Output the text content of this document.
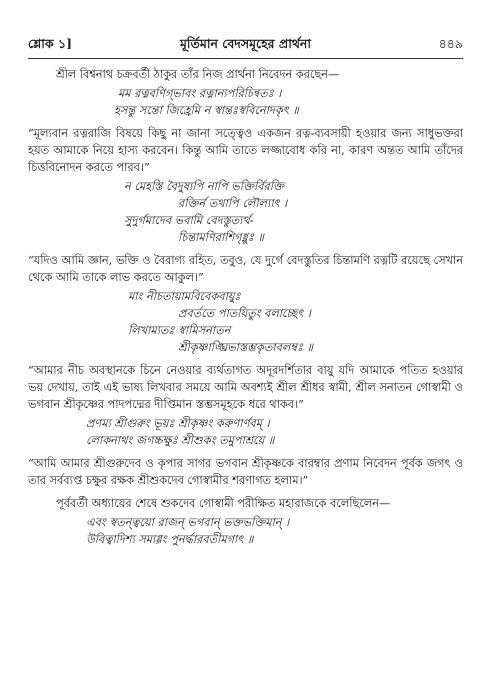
শ্লোক ১]	মূর্তিমান বেদসমূহের প্রার্থনা	৪৪৯

শ্রীল বিশ্বনাথ চক্রবর্তী ঠাকুর তাঁর নিজ প্রার্থনা নিবেদন করছেন—

মম রত্নবণিগ্ভাবং রত্নান্যপরিচিন্বতঃ ।
হসন্তু সন্তো জিহ্রেমি ন স্বান্তঃস্ববিনোদকৃৎ ॥

“মূল্যবান রত্নরাজি বিষয়ে কিছু না জানা সত্ত্বেও একজন রত্ন-ব্যবসায়ী হওয়ার জন্য সাধুভক্তরা হয়ত আমাকে নিয়ে হাস্য করবেন। কিন্তু আমি তাতে লজ্জাবোধ করি না, কারণ অন্তত আমি তাঁদের চিত্তবিনোদন করতে পারব।”

ন মেহস্তি বৈদুষ্যপি নাপি ভক্তির্বিরক্তি
রক্তির্ন তথাপি লৌল্যাৎ ।
সুদুর্গমাদেব ভবামি বেদস্তুত্যর্থ-
চিন্তামণিরাশিগৃধ্নুঃ ॥

“যদিও আমি জ্ঞান, ভক্তি ও বৈরাগ্য রহিত, তবুও, যে দুর্গে বেদস্তুতির চিন্তামণি রত্নটি রয়েছে সেখান থেকে আমি তাকে লাভ করতে আকুল।”

মাং নীচতায়ামবিবেকবায়ুঃ
প্রবর্ততে পাতয়িতুং বলাচ্ছেৎ ।
লিখাম্যতঃ স্বামিসনাতন
শ্রীকৃষ্ণাঙ্ঘ্রিভাস্তম্ভকৃতাবলম্বঃ ॥

“আমার নীচ অবস্থানকে চিনে নেওয়ার ব্যর্থতাগত অদূরদর্শিতার বায়ু যদি আমাকে পতিত হওয়ার ভয় দেখায়, তাই এই ভাষ্য লিখবার সময়ে আমি অবশ্যই শ্রীল শ্রীধর স্বামী, শ্রীল সনাতন গোস্বামী ও ভগবান শ্রীকৃষ্ণের পাদপদ্মের দীপ্তিমান স্তম্ভসমূহকে ধরে থাকব।”

প্রণম্য শ্রীগুরুং ভূয়ঃ শ্রীকৃষ্ণং করুণার্ণবম্ ।
লোকনাথং জগচ্চক্ষুঃ শ্রীশুকং তমুপাশ্রয়ে ॥

“আমি আমার শ্রীগুরুদেব ও কৃপার সাগর ভগবান শ্রীকৃষ্ণকে বারম্বার প্রণাম নিবেদন পূর্বক জগৎ ও তার সর্বব্যপ্ত চক্ষুর রক্ষক শ্রীশুকদেব গোস্বামীর শরণাগত হলাম।”

পূর্ববর্তী অধ্যায়ের শেষে শুকদেব গোস্বামী পরীক্ষিত মহারাজকে বলেছিলেন—

এবং স্বতন্ত্বয়ো রাজন্ ভগবান্ ভক্তভক্তিমান্ ।
উবিত্বাদিশ্য সম্যগ্গং পুনর্দ্ধারবতীমগাৎ ॥
